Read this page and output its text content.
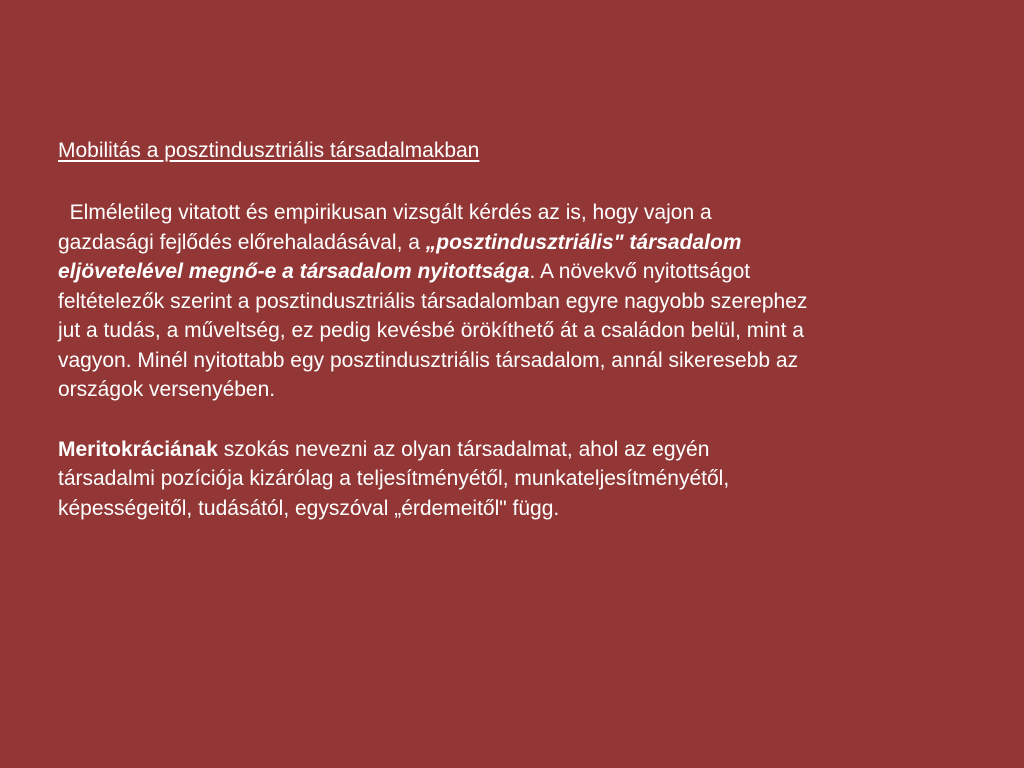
Mobilitás a posztindusztriális társadalmakban
Elméletileg vitatott és empirikusan vizsgált kérdés az is, hogy vajon a
gazdasági fejlődés előrehaladásával, a „posztindusztriális" társadalom
eljövetelével megnő-e a társadalom nyitottsága. A növekvő nyitottságot
feltételezők szerint a posztindusztriális társadalomban egyre nagyobb szerephez
jut a tudás, a műveltség, ez pedig kevésbé örökíthető át a családon belül, mint a
vagyon. Minél nyitottabb egy posztindusztriális társadalom, annál sikeresebb az
országok versenyében.
Meritokráciának szokás nevezni az olyan társadalmat, ahol az egyén
társadalmi pozíciója kizárólag a teljesítményétől, munkateljesítményétől,
képességeitől, tudásától, egyszóval „érdemeitől" függ.
